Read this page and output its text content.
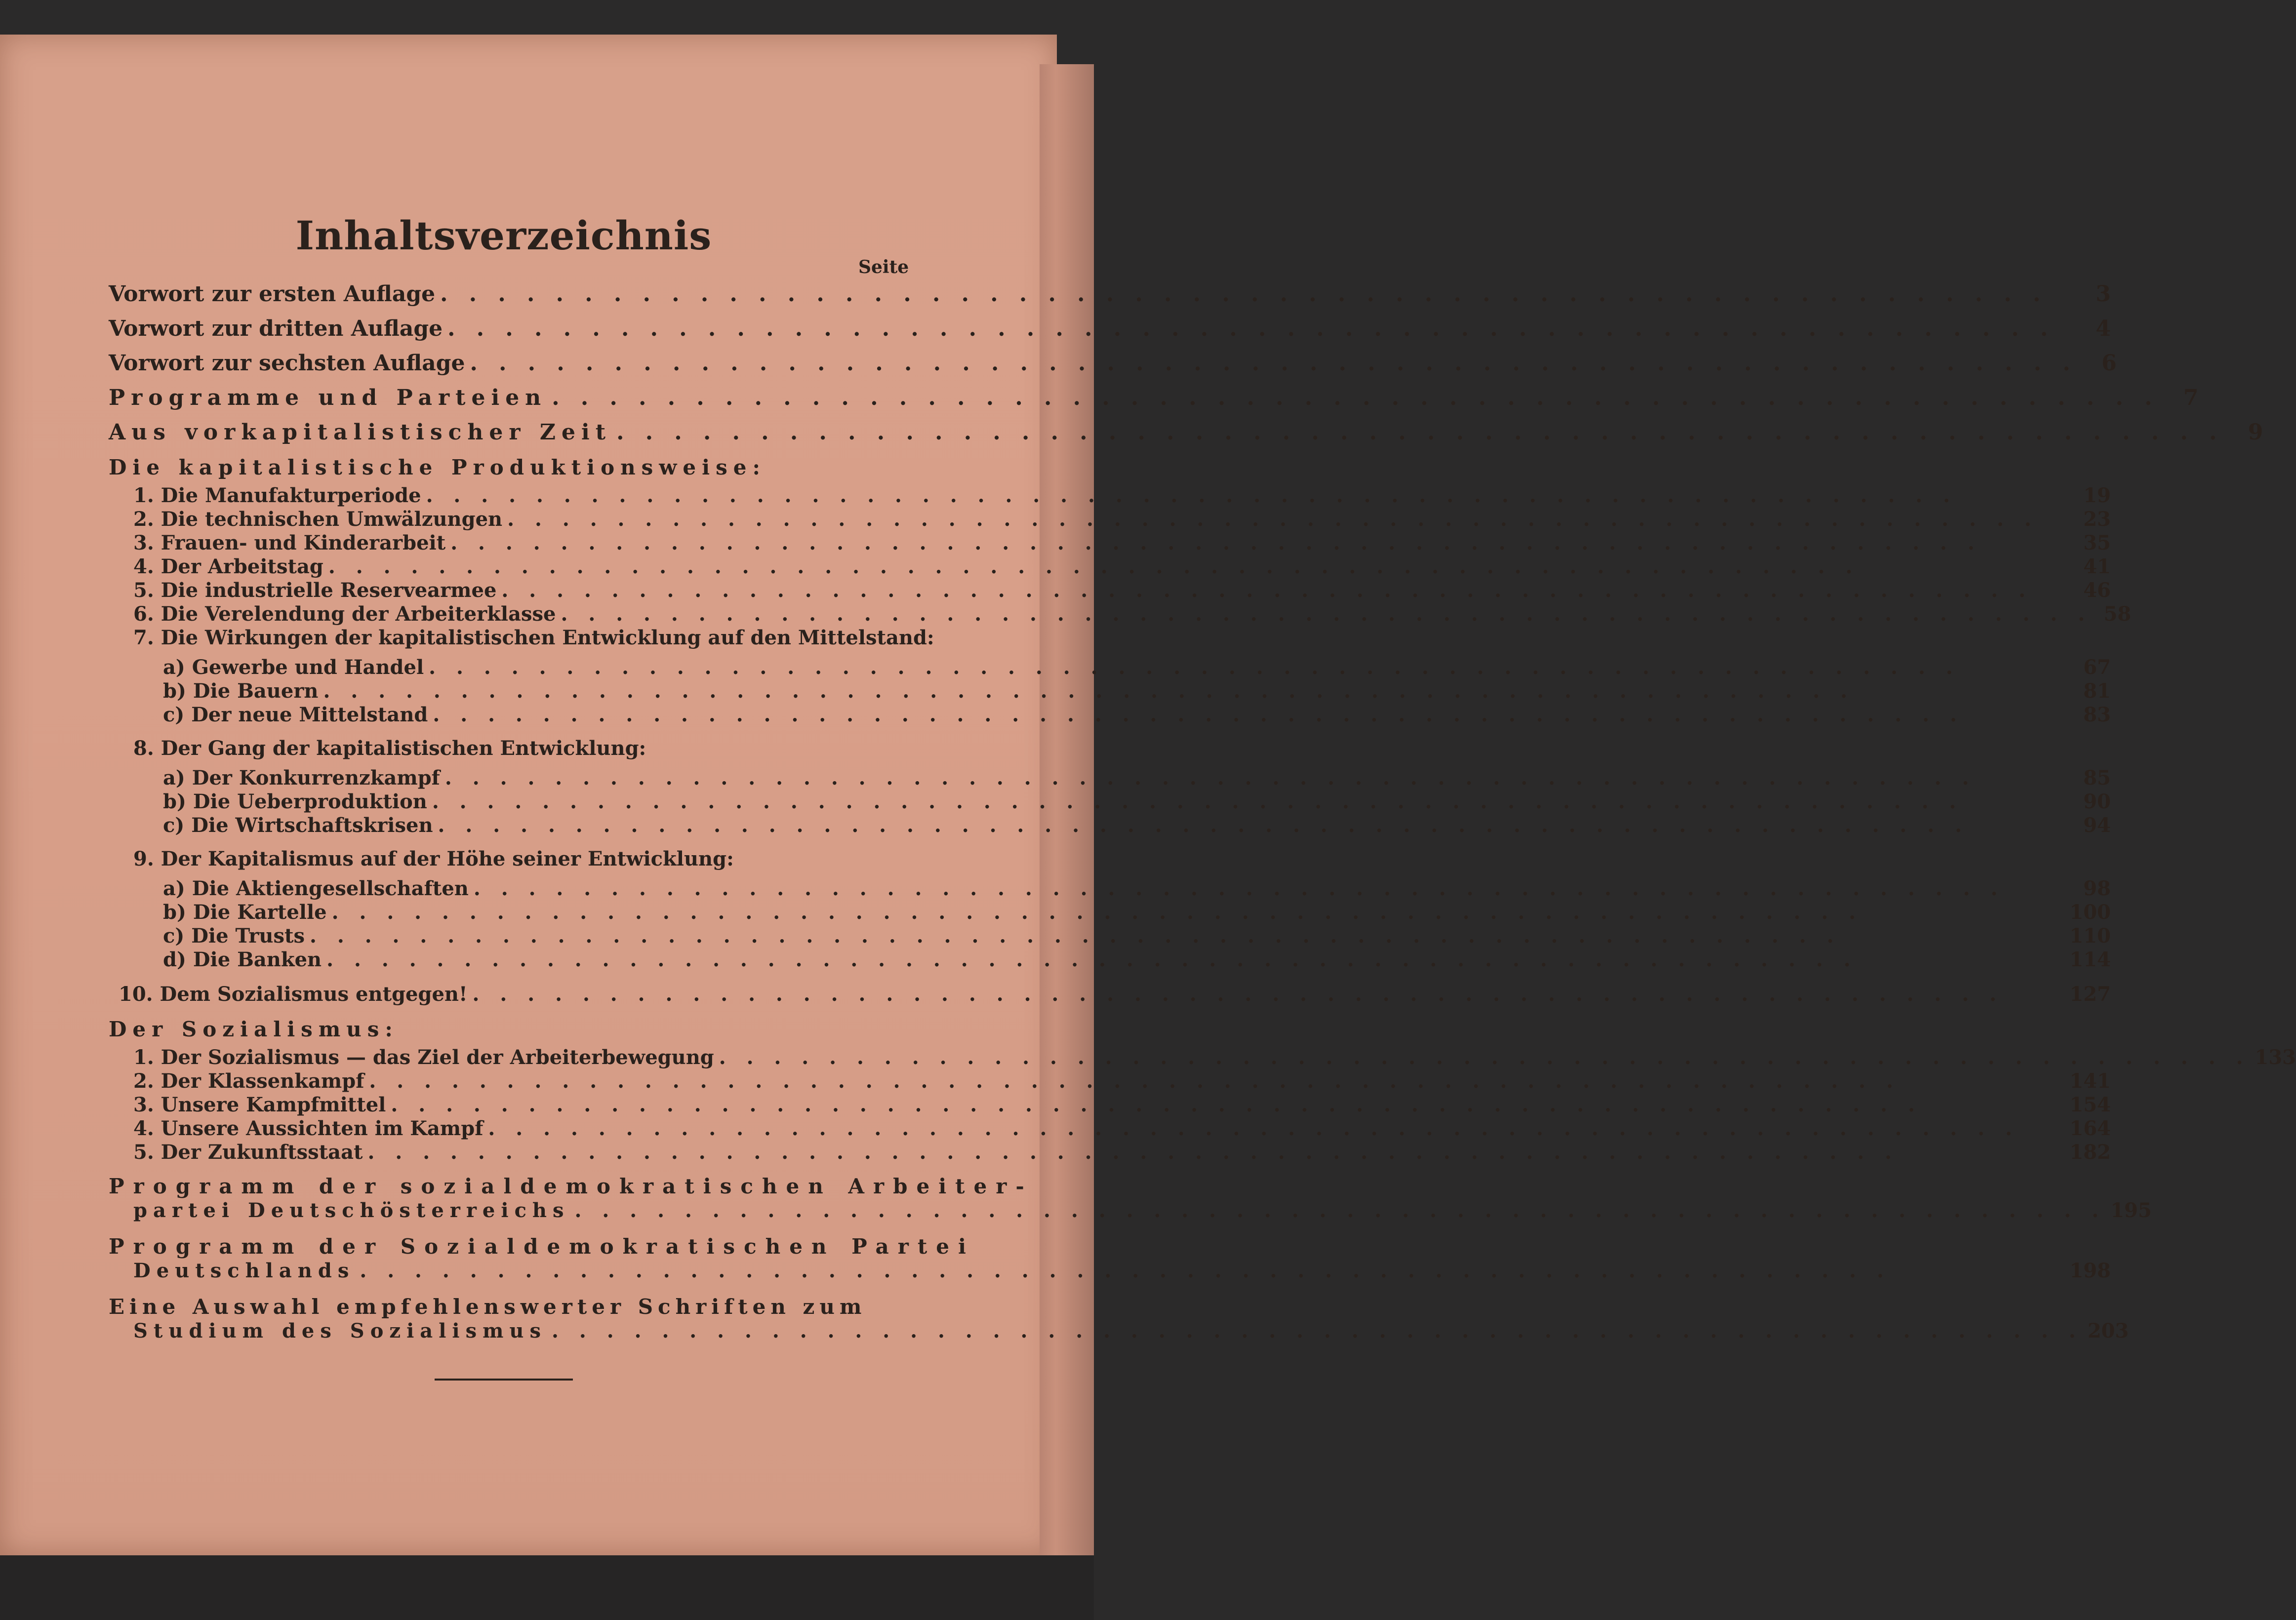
Inhaltsverzeichnis
Seite
Vorwort zur ersten Auflage . . . . . . . . . . . . . . . . . . . . . . . . . . . . . . . . . . . . . . . . . . . . . . . . . . . . . . . .	3
Vorwort zur dritten Auflage . . . . . . . . . . . . . . . . . . . . . . . . . . . . . . . . . . . . . . . . . . . . . . . . . . . . . . . .	4
Vorwort zur sechsten Auflage . . . . . . . . . . . . . . . . . . . . . . . . . . . . . . . . . . . . . . . . . . . . . . . . . . . . . . . .	6
Programme und Parteien . . . . . . . . . . . . . . . . . . . . . . . . . . . . . . . . . . . . . . . . . . . . . . . . . . . . . . . .	7
Aus vorkapitalistischer Zeit . . . . . . . . . . . . . . . . . . . . . . . . . . . . . . . . . . . . . . . . . . . . . . . . . . . . . . . .	9
Die kapitalistische Produktionsweise:
1. Die Manufakturperiode . . . . . . . . . . . . . . . . . . . . . . . . . . . . . . . . . . . . . . . . . . . . . . . . . . . . . . . .	19
2. Die technischen Umwälzungen . . . . . . . . . . . . . . . . . . . . . . . . . . . . . . . . . . . . . . . . . . . . . . . . . . . . . . . .	23
3. Frauen- und Kinderarbeit . . . . . . . . . . . . . . . . . . . . . . . . . . . . . . . . . . . . . . . . . . . . . . . . . . . . . . . .	35
4. Der Arbeitstag . . . . . . . . . . . . . . . . . . . . . . . . . . . . . . . . . . . . . . . . . . . . . . . . . . . . . . . .	41
5. Die industrielle Reservearmee . . . . . . . . . . . . . . . . . . . . . . . . . . . . . . . . . . . . . . . . . . . . . . . . . . . . . . . .	46
6. Die Verelendung der Arbeiterklasse . . . . . . . . . . . . . . . . . . . . . . . . . . . . . . . . . . . . . . . . . . . . . . . . . . . . . . . . 58
7. Die Wirkungen der kapitalistischen Entwicklung auf den Mittelstand:
a) Gewerbe und Handel . . . . . . . . . . . . . . . . . . . . . . . . . . . . . . . . . . . . . . . . . . . . . . . . . . . . . . . .	67
b) Die Bauern . . . . . . . . . . . . . . . . . . . . . . . . . . . . . . . . . . . . . . . . . . . . . . . . . . . . . . . .	81
c) Der neue Mittelstand . . . . . . . . . . . . . . . . . . . . . . . . . . . . . . . . . . . . . . . . . . . . . . . . . . . . . . . .	83
8. Der Gang der kapitalistischen Entwicklung:
a) Der Konkurrenzkampf . . . . . . . . . . . . . . . . . . . . . . . . . . . . . . . . . . . . . . . . . . . . . . . . . . . . . . . .	85
b) Die Ueberproduktion . . . . . . . . . . . . . . . . . . . . . . . . . . . . . . . . . . . . . . . . . . . . . . . . . . . . . . . .	90
c) Die Wirtschaftskrisen . . . . . . . . . . . . . . . . . . . . . . . . . . . . . . . . . . . . . . . . . . . . . . . . . . . . . . . .	94
9. Der Kapitalismus auf der Höhe seiner Entwicklung:
a) Die Aktiengesellschaften . . . . . . . . . . . . . . . . . . . . . . . . . . . . . . . . . . . . . . . . . . . . . . . . . . . . . . . .	98
b) Die Kartelle . . . . . . . . . . . . . . . . . . . . . . . . . . . . . . . . . . . . . . . . . . . . . . . . . . . . . . . .	100
c) Die Trusts . . . . . . . . . . . . . . . . . . . . . . . . . . . . . . . . . . . . . . . . . . . . . . . . . . . . . . . .	110
d) Die Banken . . . . . . . . . . . . . . . . . . . . . . . . . . . . . . . . . . . . . . . . . . . . . . . . . . . . . . . .	114
10. Dem Sozialismus entgegen! . . . . . . . . . . . . . . . . . . . . . . . . . . . . . . . . . . . . . . . . . . . . . . . . . . . . . . . .	127
Der Sozialismus:
1. Der Sozialismus — das Ziel der Arbeiterbewegung . . . . . . . . . . . . . . . . . . . . . . . . . . . . . . . . . . . . . . . . . . . . . . . . . . . . . . . . 133
2. Der Klassenkampf . . . . . . . . . . . . . . . . . . . . . . . . . . . . . . . . . . . . . . . . . . . . . . . . . . . . . . . .	141
3. Unsere Kampfmittel . . . . . . . . . . . . . . . . . . . . . . . . . . . . . . . . . . . . . . . . . . . . . . . . . . . . . . . .	154
4. Unsere Aussichten im Kampf . . . . . . . . . . . . . . . . . . . . . . . . . . . . . . . . . . . . . . . . . . . . . . . . . . . . . . . .	164
5. Der Zukunftsstaat . . . . . . . . . . . . . . . . . . . . . . . . . . . . . . . . . . . . . . . . . . . . . . . . . . . . . . . .	182
Programm der sozialdemokratischen Arbeiter-
partei Deutschösterreichs . . . . . . . . . . . . . . . . . . . . . . . . . . . . . . . . . . . . . . . . . . . . . . . . . . . . . . . . 195
Programm der Sozialdemokratischen Partei
Deutschlands . . . . . . . . . . . . . . . . . . . . . . . . . . . . . . . . . . . . . . . . . . . . . . . . . . . . . . . .	198
Eine Auswahl empfehlenswerter Schriften zum
Studium des Sozialismus . . . . . . . . . . . . . . . . . . . . . . . . . . . . . . . . . . . . . . . . . . . . . . . . . . . . . . . . 203
